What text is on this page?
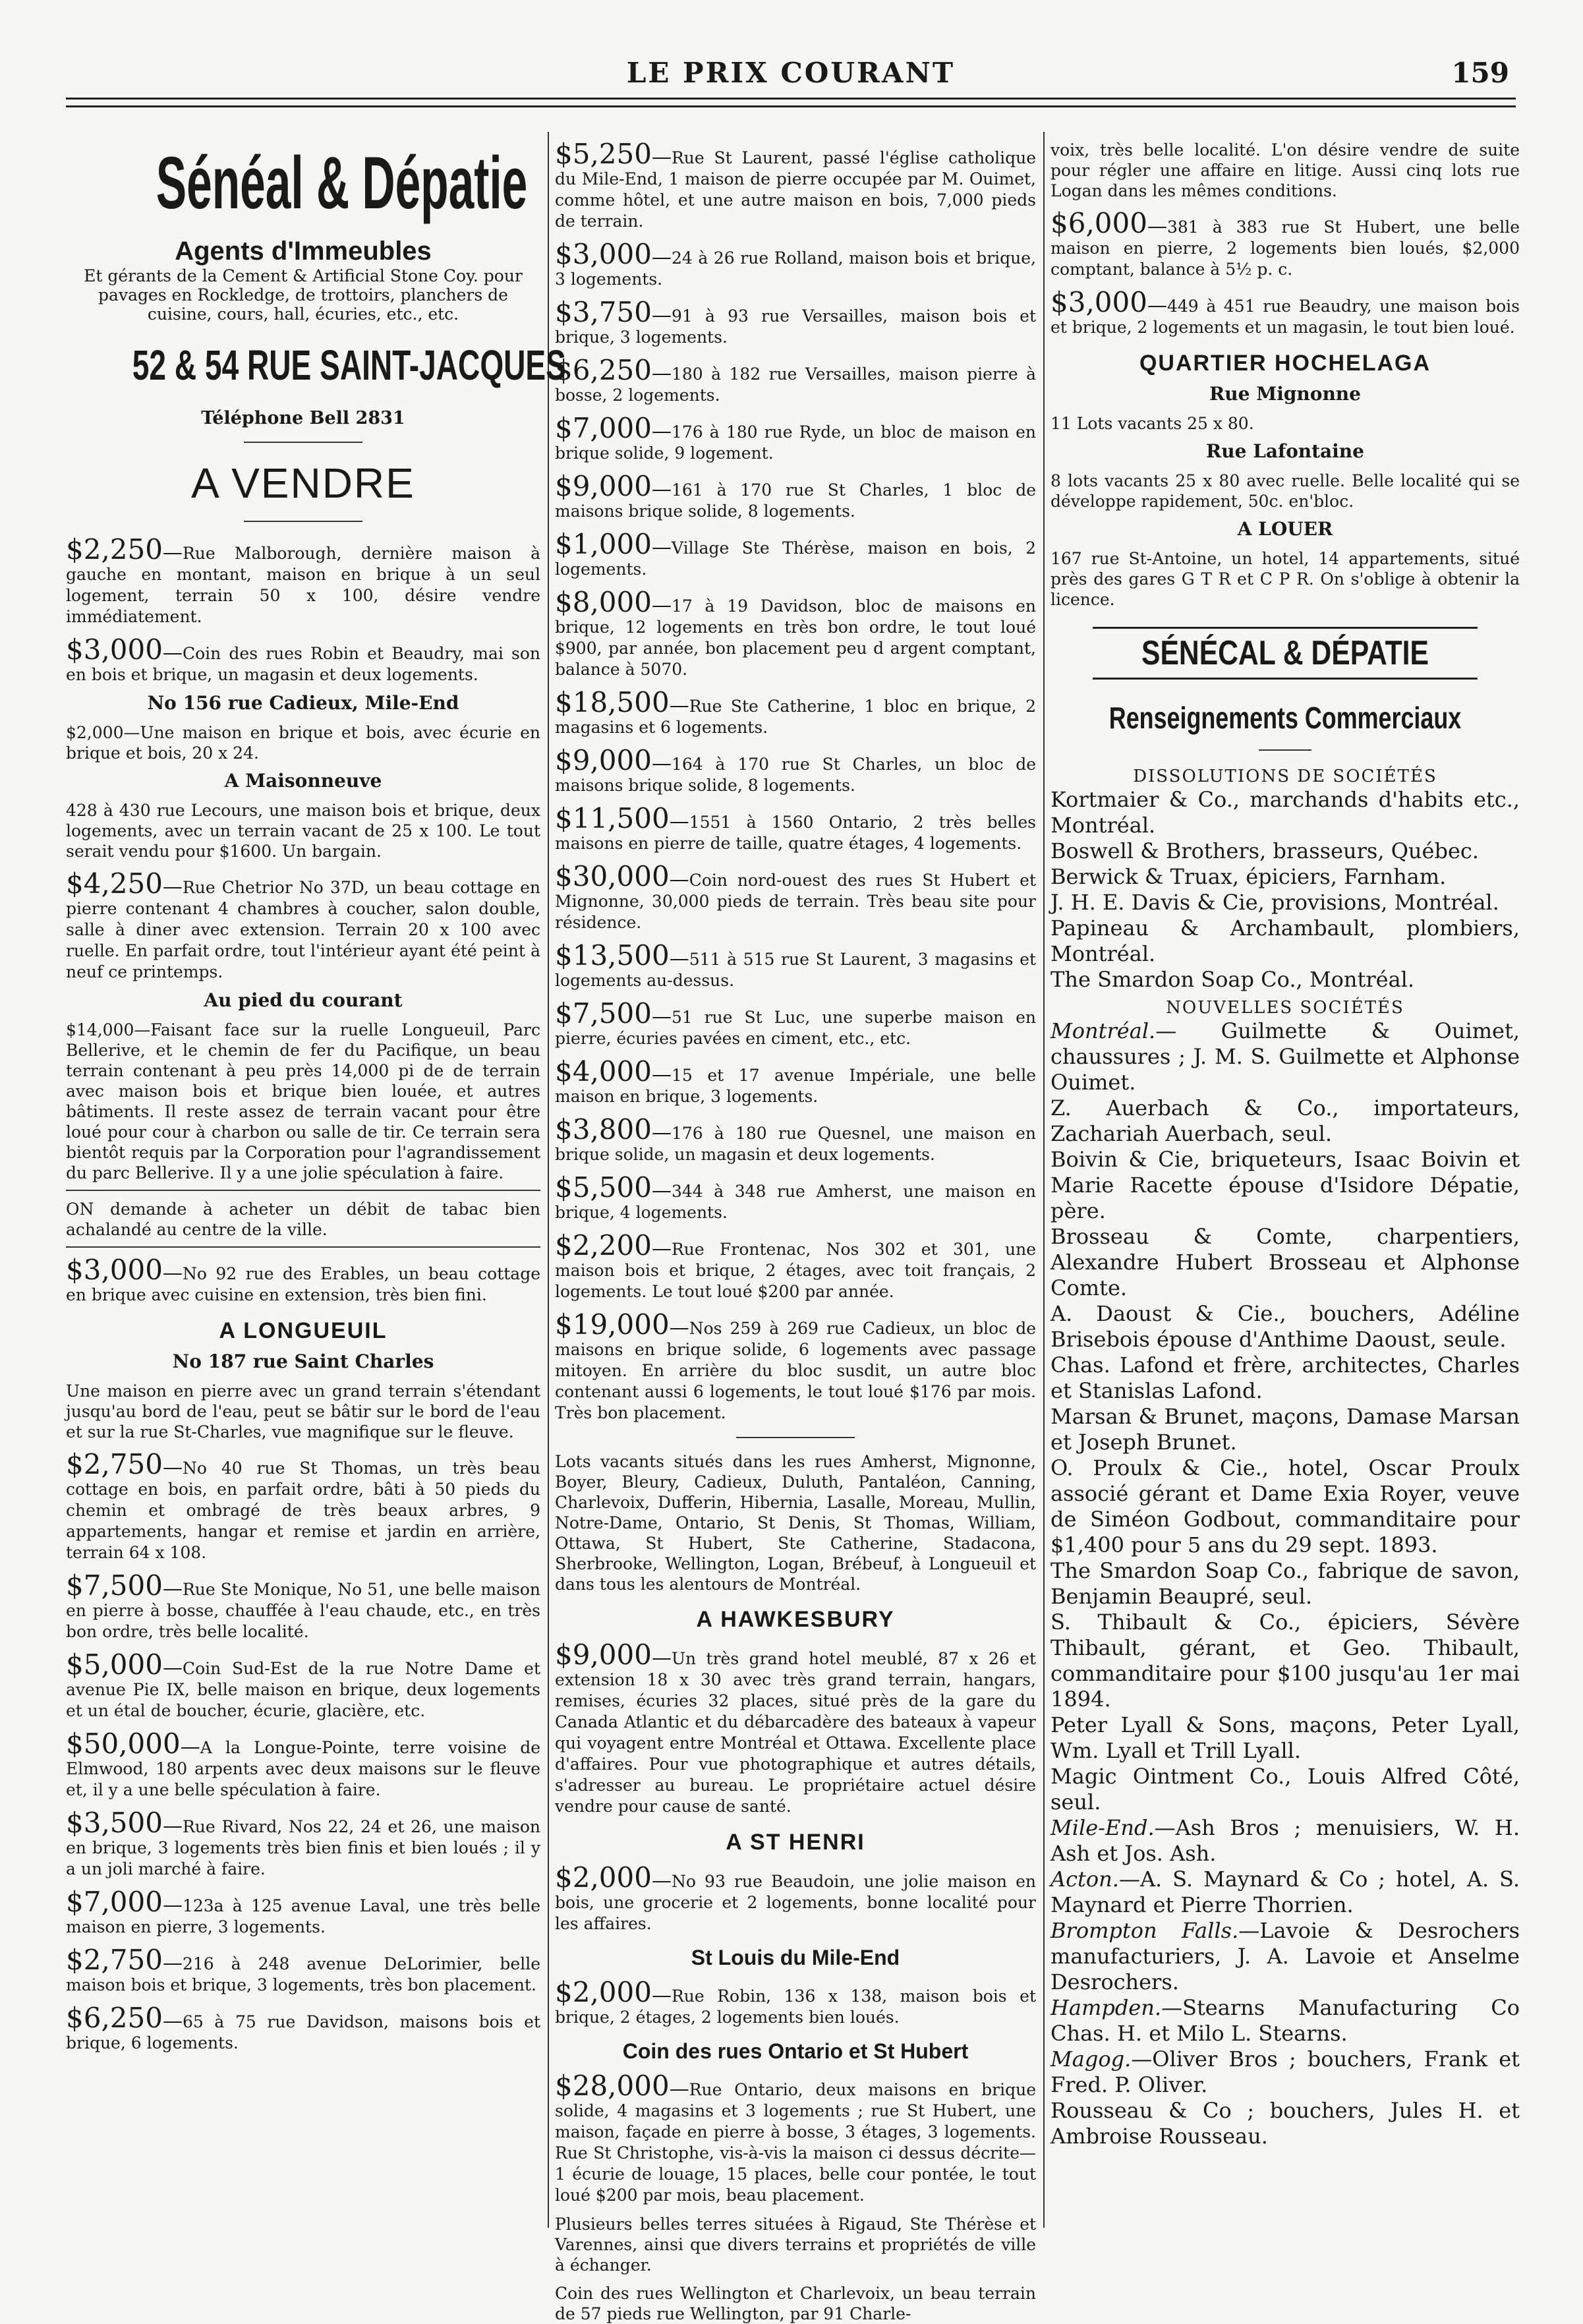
LE PRIX COURANT	159
Sénéal & Dépatie
Agents d'Immeubles
Et gérants de la Cement & Artificial Stone Coy. pour pavages en Rockledge, de trottoirs, planchers de cuisine, cours, hall, écuries, etc., etc.
52 & 54 RUE SAINT-JACQUES
Téléphone Bell 2831
A VENDRE
$2,250—Rue Malborough, dernière maison à gauche en montant, maison en brique à un seul logement, terrain 50 x 100, désire vendre immédiatement.
$3,000—Coin des rues Robin et Beaudry, mai son en bois et brique, un magasin et deux logements.
No 156 rue Cadieux, Mile-End
$2,000—Une maison en brique et bois, avec écurie en brique et bois, 20 x 24.
A Maisonneuve
428 à 430 rue Lecours, une maison bois et brique, deux logements, avec un terrain vacant de 25 x 100. Le tout serait vendu pour $1600. Un bargain.
$4,250—Rue Chetrior No 37D, un beau cottage en pierre contenant 4 chambres à coucher, salon double, salle à diner avec extension. Terrain 20 x 100 avec ruelle. En parfait ordre, tout l'intérieur ayant été peint à neuf ce printemps.
Au pied du courant
$14,000—Faisant face sur la ruelle Longueuil, Parc Bellerive, et le chemin de fer du Pacifique, un beau terrain contenant à peu près 14,000 pi de de terrain avec maison bois et brique bien louée, et autres bâtiments. Il reste assez de terrain vacant pour être loué pour cour à charbon ou salle de tir. Ce terrain sera bientôt requis par la Corporation pour l'agrandissement du parc Bellerive. Il y a une jolie spéculation à faire.
ON demande à acheter un débit de tabac bien achalandé au centre de la ville.
$3,000—No 92 rue des Erables, un beau cottage en brique avec cuisine en extension, très bien fini.
A LONGUEUIL
No 187 rue Saint Charles
Une maison en pierre avec un grand terrain s'étendant jusqu'au bord de l'eau, peut se bâtir sur le bord de l'eau et sur la rue St-Charles, vue magnifique sur le fleuve.
$2,750—No 40 rue St Thomas, un très beau cottage en bois, en parfait ordre, bâti à 50 pieds du chemin et ombragé de très beaux arbres, 9 appartements, hangar et remise et jardin en arrière, terrain 64 x 108.
$7,500—Rue Ste Monique, No 51, une belle maison en pierre à bosse, chauffée à l'eau chaude, etc., en très bon ordre, très belle localité.
$5,000—Coin Sud-Est de la rue Notre Dame et avenue Pie IX, belle maison en brique, deux logements et un étal de boucher, écurie, glacière, etc.
$50,000—A la Longue-Pointe, terre voisine de Elmwood, 180 arpents avec deux maisons sur le fleuve et, il y a une belle spéculation à faire.
$3,500—Rue Rivard, Nos 22, 24 et 26, une maison en brique, 3 logements très bien finis et bien loués ; il y a un joli marché à faire.
$7,000—123a à 125 avenue Laval, une très belle maison en pierre, 3 logements.
$2,750—216 à 248 avenue DeLorimier, belle maison bois et brique, 3 logements, très bon placement.
$6,250—65 à 75 rue Davidson, maisons bois et brique, 6 logements.
$5,250—Rue St Laurent, passé l'église catholique du Mile-End, 1 maison de pierre occupée par M. Ouimet, comme hôtel, et une autre maison en bois, 7,000 pieds de terrain.
$3,000—24 à 26 rue Rolland, maison bois et brique, 3 logements.
$3,750—91 à 93 rue Versailles, maison bois et brique, 3 logements.
$6,250—180 à 182 rue Versailles, maison pierre à bosse, 2 logements.
$7,000—176 à 180 rue Ryde, un bloc de maison en brique solide, 9 logement.
$9,000—161 à 170 rue St Charles, 1 bloc de maisons brique solide, 8 logements.
$1,000—Village Ste Thérèse, maison en bois, 2 logements.
$8,000—17 à 19 Davidson, bloc de maisons en brique, 12 logements en très bon ordre, le tout loué $900, par année, bon placement peu d argent comptant, balance à 5070.
$18,500—Rue Ste Catherine, 1 bloc en brique, 2 magasins et 6 logements.
$9,000—164 à 170 rue St Charles, un bloc de maisons brique solide, 8 logements.
$11,500—1551 à 1560 Ontario, 2 très belles maisons en pierre de taille, quatre étages, 4 logements.
$30,000—Coin nord-ouest des rues St Hubert et Mignonne, 30,000 pieds de terrain. Très beau site pour résidence.
$13,500—511 à 515 rue St Laurent, 3 magasins et logements au-dessus.
$7,500—51 rue St Luc, une superbe maison en pierre, écuries pavées en ciment, etc., etc.
$4,000—15 et 17 avenue Impériale, une belle maison en brique, 3 logements.
$3,800—176 à 180 rue Quesnel, une maison en brique solide, un magasin et deux logements.
$5,500—344 à 348 rue Amherst, une maison en brique, 4 logements.
$2,200—Rue Frontenac, Nos 302 et 301, une maison bois et brique, 2 étages, avec toit français, 2 logements. Le tout loué $200 par année.
$19,000—Nos 259 à 269 rue Cadieux, un bloc de maisons en brique solide, 6 logements avec passage mitoyen. En arrière du bloc susdit, un autre bloc contenant aussi 6 logements, le tout loué $176 par mois. Très bon placement.
Lots vacants situés dans les rues Amherst, Mignonne, Boyer, Bleury, Cadieux, Duluth, Pantaléon, Canning, Charlevoix, Dufferin, Hibernia, Lasalle, Moreau, Mullin, Notre-Dame, Ontario, St Denis, St Thomas, William, Ottawa, St Hubert, Ste Catherine, Stadacona, Sherbrooke, Wellington, Logan, Brébeuf, à Longueuil et dans tous les alentours de Montréal.
A HAWKESBURY
$9,000—Un très grand hotel meublé, 87 x 26 et extension 18 x 30 avec très grand terrain, hangars, remises, écuries 32 places, situé près de la gare du Canada Atlantic et du débarcadère des bateaux à vapeur qui voyagent entre Montréal et Ottawa. Excellente place d'affaires. Pour vue photographique et autres détails, s'adresser au bureau. Le propriétaire actuel désire vendre pour cause de santé.
A ST HENRI
$2,000—No 93 rue Beaudoin, une jolie maison en bois, une grocerie et 2 logements, bonne localité pour les affaires.
St Louis du Mile-End
$2,000—Rue Robin, 136 x 138, maison bois et brique, 2 étages, 2 logements bien loués.
Coin des rues Ontario et St Hubert
$28,000—Rue Ontario, deux maisons en brique solide, 4 magasins et 3 logements ; rue St Hubert, une maison, façade en pierre à bosse, 3 étages, 3 logements. Rue St Christophe, vis-à-vis la maison ci dessus décrite—1 écurie de louage, 15 places, belle cour pontée, le tout loué $200 par mois, beau placement.
Plusieurs belles terres situées à Rigaud, Ste Thérèse et Varennes, ainsi que divers terrains et propriétés de ville à échanger.
Coin des rues Wellington et Charlevoix, un beau terrain de 57 pieds rue Wellington, par 91 Charle-
voix, très belle localité. L'on désire vendre de suite pour régler une affaire en litige. Aussi cinq lots rue Logan dans les mêmes conditions.
$6,000—381 à 383 rue St Hubert, une belle maison en pierre, 2 logements bien loués, $2,000 comptant, balance à 5½ p. c.
$3,000—449 à 451 rue Beaudry, une maison bois et brique, 2 logements et un magasin, le tout bien loué.
QUARTIER HOCHELAGA
Rue Mignonne
11 Lots vacants 25 x 80.
Rue Lafontaine
8 lots vacants 25 x 80 avec ruelle. Belle localité qui se développe rapidement, 50c. en'bloc.
A LOUER
167 rue St-Antoine, un hotel, 14 appartements, situé près des gares G T R et C P R. On s'oblige à obtenir la licence.
SÉNÉCAL & DÉPATIE
Renseignements Commerciaux
DISSOLUTIONS DE SOCIÉTÉS
Kortmaier & Co., marchands d'habits etc., Montréal.
Boswell & Brothers, brasseurs, Québec.
Berwick & Truax, épiciers, Farnham.
J. H. E. Davis & Cie, provisions, Montréal.
Papineau & Archambault, plombiers, Montréal.
The Smardon Soap Co., Montréal.
NOUVELLES SOCIÉTÉS
Montréal.— Guilmette & Ouimet, chaussures ; J. M. S. Guilmette et Alphonse Ouimet.
Z. Auerbach & Co., importateurs, Zachariah Auerbach, seul.
Boivin & Cie, briqueteurs, Isaac Boivin et Marie Racette épouse d'Isidore Dépatie, père.
Brosseau & Comte, charpentiers, Alexandre Hubert Brosseau et Alphonse Comte.
A. Daoust & Cie., bouchers, Adéline Brisebois épouse d'Anthime Daoust, seule.
Chas. Lafond et frère, architectes, Charles et Stanislas Lafond.
Marsan & Brunet, maçons, Damase Marsan et Joseph Brunet.
O. Proulx & Cie., hotel, Oscar Proulx associé gérant et Dame Exia Royer, veuve de Siméon Godbout, commanditaire pour $1,400 pour 5 ans du 29 sept. 1893.
The Smardon Soap Co., fabrique de savon, Benjamin Beaupré, seul.
S. Thibault & Co., épiciers, Sévère Thibault, gérant, et Geo. Thibault, commanditaire pour $100 jusqu'au 1er mai 1894.
Peter Lyall & Sons, maçons, Peter Lyall, Wm. Lyall et Trill Lyall.
Magic Ointment Co., Louis Alfred Côté, seul.
Mile-End.—Ash Bros ; menuisiers, W. H. Ash et Jos. Ash.
Acton.—A. S. Maynard & Co ; hotel, A. S. Maynard et Pierre Thorrien.
Brompton Falls.—Lavoie & Desrochers manufacturiers, J. A. Lavoie et Anselme Desrochers.
Hampden.—Stearns Manufacturing Co Chas. H. et Milo L. Stearns.
Magog.—Oliver Bros ; bouchers, Frank et Fred. P. Oliver.
Rousseau & Co ; bouchers, Jules H. et Ambroise Rousseau.
